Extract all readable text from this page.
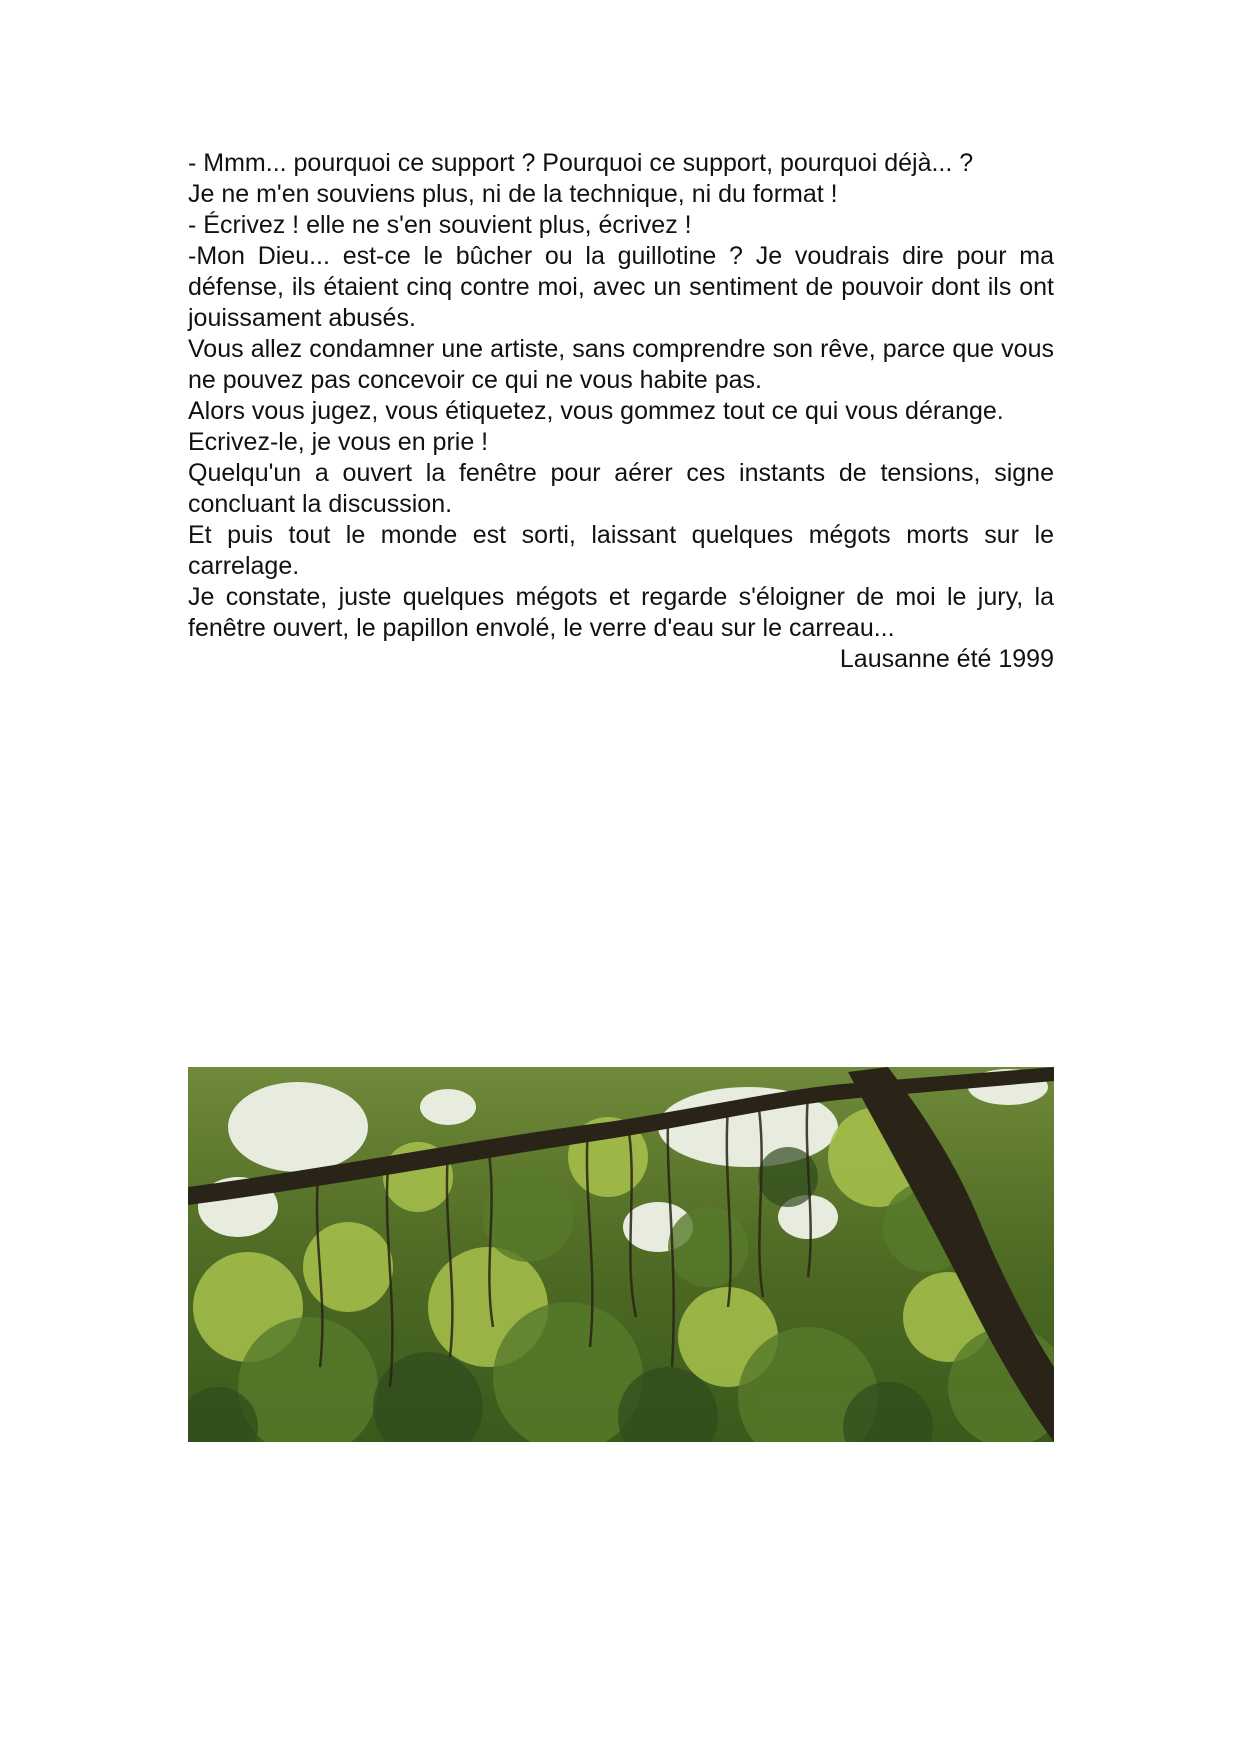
- Mmm... pourquoi ce support ? Pourquoi ce support, pourquoi déjà... ?

Je ne m'en souviens plus, ni de la technique, ni du format !

- Écrivez ! elle ne s'en souvient plus, écrivez !

-Mon Dieu... est-ce le bûcher ou la guillotine ? Je voudrais dire pour ma défense, ils étaient cinq contre moi, avec un sentiment de pouvoir dont ils ont jouissament abusés.

Vous allez condamner une artiste, sans comprendre son rêve, parce que vous ne pouvez pas concevoir ce qui ne vous habite pas.

Alors vous jugez, vous étiquetez, vous gommez tout ce qui vous dérange.

Ecrivez-le, je vous en prie !

Quelqu'un a ouvert la fenêtre pour aérer ces instants de tensions, signe concluant la discussion.

Et puis tout le monde est sorti, laissant quelques mégots morts sur le carrelage.

Je constate, juste quelques mégots et regarde s'éloigner de moi le jury, la fenêtre ouvert, le papillon envolé, le verre d'eau sur le carreau...

Lausanne été 1999
